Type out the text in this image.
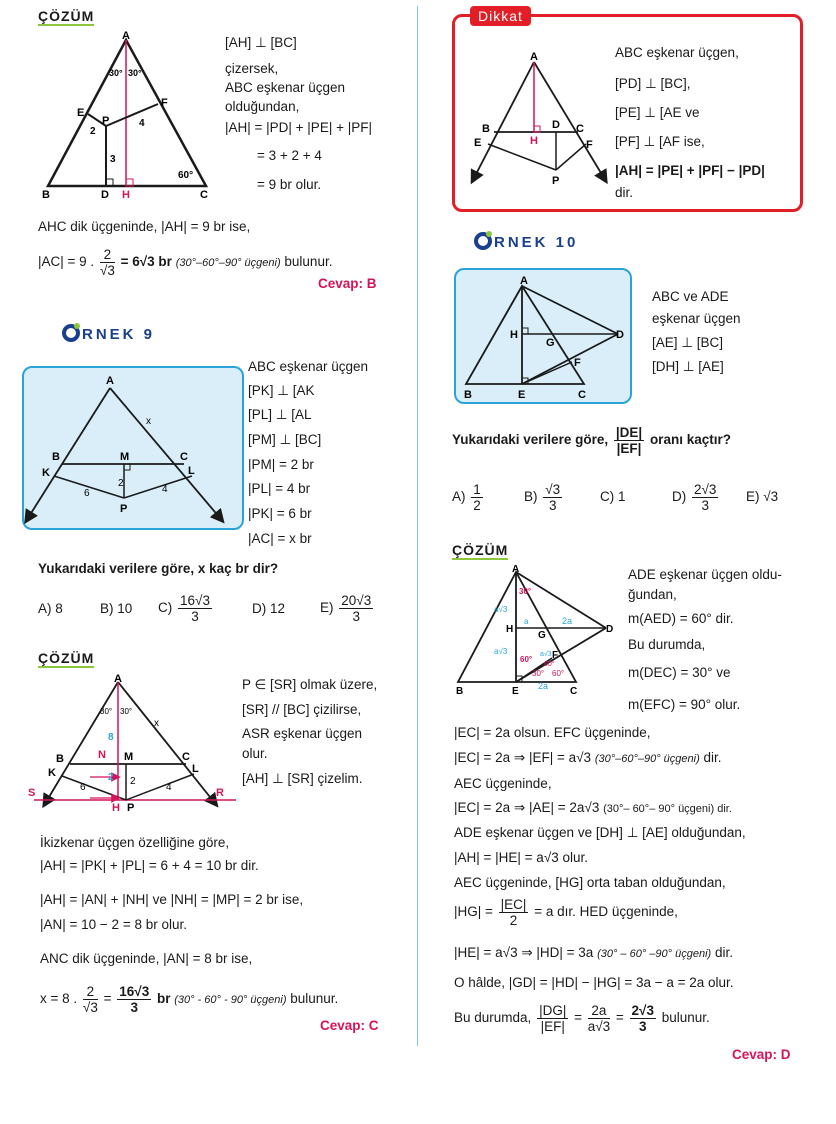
ÇÖZÜM
A
30° 30°
E
F
P
2
4
3
60°
B	D H	C
[AH] ⊥ [BC]
çizersek,
ABC eşkenar üçgen
olduğundan,
|AH| = |PD| + |PE| + |PF|
= 3 + 2 + 4
= 9 br olur.
AHC dik üçgeninde, |AH| = 9 br ise,
|AC| = 9 . $\frac{2}{√3} = 6√3$ br (30°–60°–90° üçgeni) bulunur.
Cevap: B
RNEK 9
A
x
B	M	C
K	L
2
6	4
P
ABC eşkenar üçgen
[PK] ⊥ [AK
[PL] ⊥ [AL
[PM] ⊥ [BC]
|PM| = 2 br
|PL| = 4 br
|PK| = 6 br
|AC| = x br
Yukarıdaki verilere göre, x kaç br dir?
A) 8	B) 10 $C) \frac{16√3}{3}$	D) 12	$E) \frac{20√3}{3}$
ÇÖZÜM
A
30° 30°
x
8
B	N M	C
K	L
2 2
6	4
S	R
H P
P ∈ [SR] olmak üzere,
[SR] // [BC] çizilirse,
ASR eşkenar üçgen
olur.
[AH] ⊥ [SR] çizelim.
İkizkenar üçgen özelliğine göre,
|AH| = |PK| + |PL| = 6 + 4 = 10 br dir.
|AH| = |AN| + |NH| ve |NH| = |MP| = 2 br ise,
|AN| = 10 − 2 = 8 br olur.
ANC dik üçgeninde, |AN| = 8 br ise,
x = 8 . $\frac{2}{√3} = \frac{16√3}{3}$ br (30° - 60° - 90° üçgeni) bulunur.
Cevap: C
Dikkat
A
B	D C
E	H	F
P
ABC eşkenar üçgen,
[PD] ⊥ [BC],
[PE] ⊥ [AE ve
[PF] ⊥ [AF ise,
|AH| = |PE| + |PF| − |PD|
dir.
RNEK 10
A
H
G
D
F
B	E	C
ABC ve ADE
eşkenar üçgen
[AE] ⊥ [BC]
[DH] ⊥ [AE]
Yukarıdaki verilere göre, $\frac{|DE|}{|EF|}$ oranı kaçtır?
$A) \frac{1}{2}$	$B) \frac{√3}{3}$	C) 1	$D) \frac{2√3}{3} E$) √3
ÇÖZÜM
A
30°
a√3
a	2a
H
G
D
a√3
60°
a√3
60°
F
30° 60°
2a
B	E	C
ADE eşkenar üçgen oldu-
ğundan,
m(AED) = 60° dir.
Bu durumda,
m(DEC) = 30° ve
m(EFC) = 90° olur.
|EC| = 2a olsun. EFC üçgeninde,
|EC| = 2a ⇒ |EF| = a√3 (30°–60°–90° üçgeni) dir.
AEC üçgeninde,
|EC| = 2a ⇒ |AE| = 2a√3 (30°– 60°– 90° üçgeni) dir.
ADE eşkenar üçgen ve [DH] ⊥ [AE] olduğundan,
|AH| = |HE| = a√3 olur.
AEC üçgeninde, [HG] orta taban olduğundan,
$|HG| = \frac{|EC|}{2} = a$ dır. HED üçgeninde,
|HE| = a√3 ⇒ |HD| = 3a (30° – 60° –90° üçgeni) dir.
O hâlde, |GD| = |HD| − |HG| = 3a − a = 2a olur.
Bu durumda, $\frac{|DG|}{|EF|} = \frac{2a}{a√3} = \frac{2√3}{3}$ bulunur.
Cevap: D
